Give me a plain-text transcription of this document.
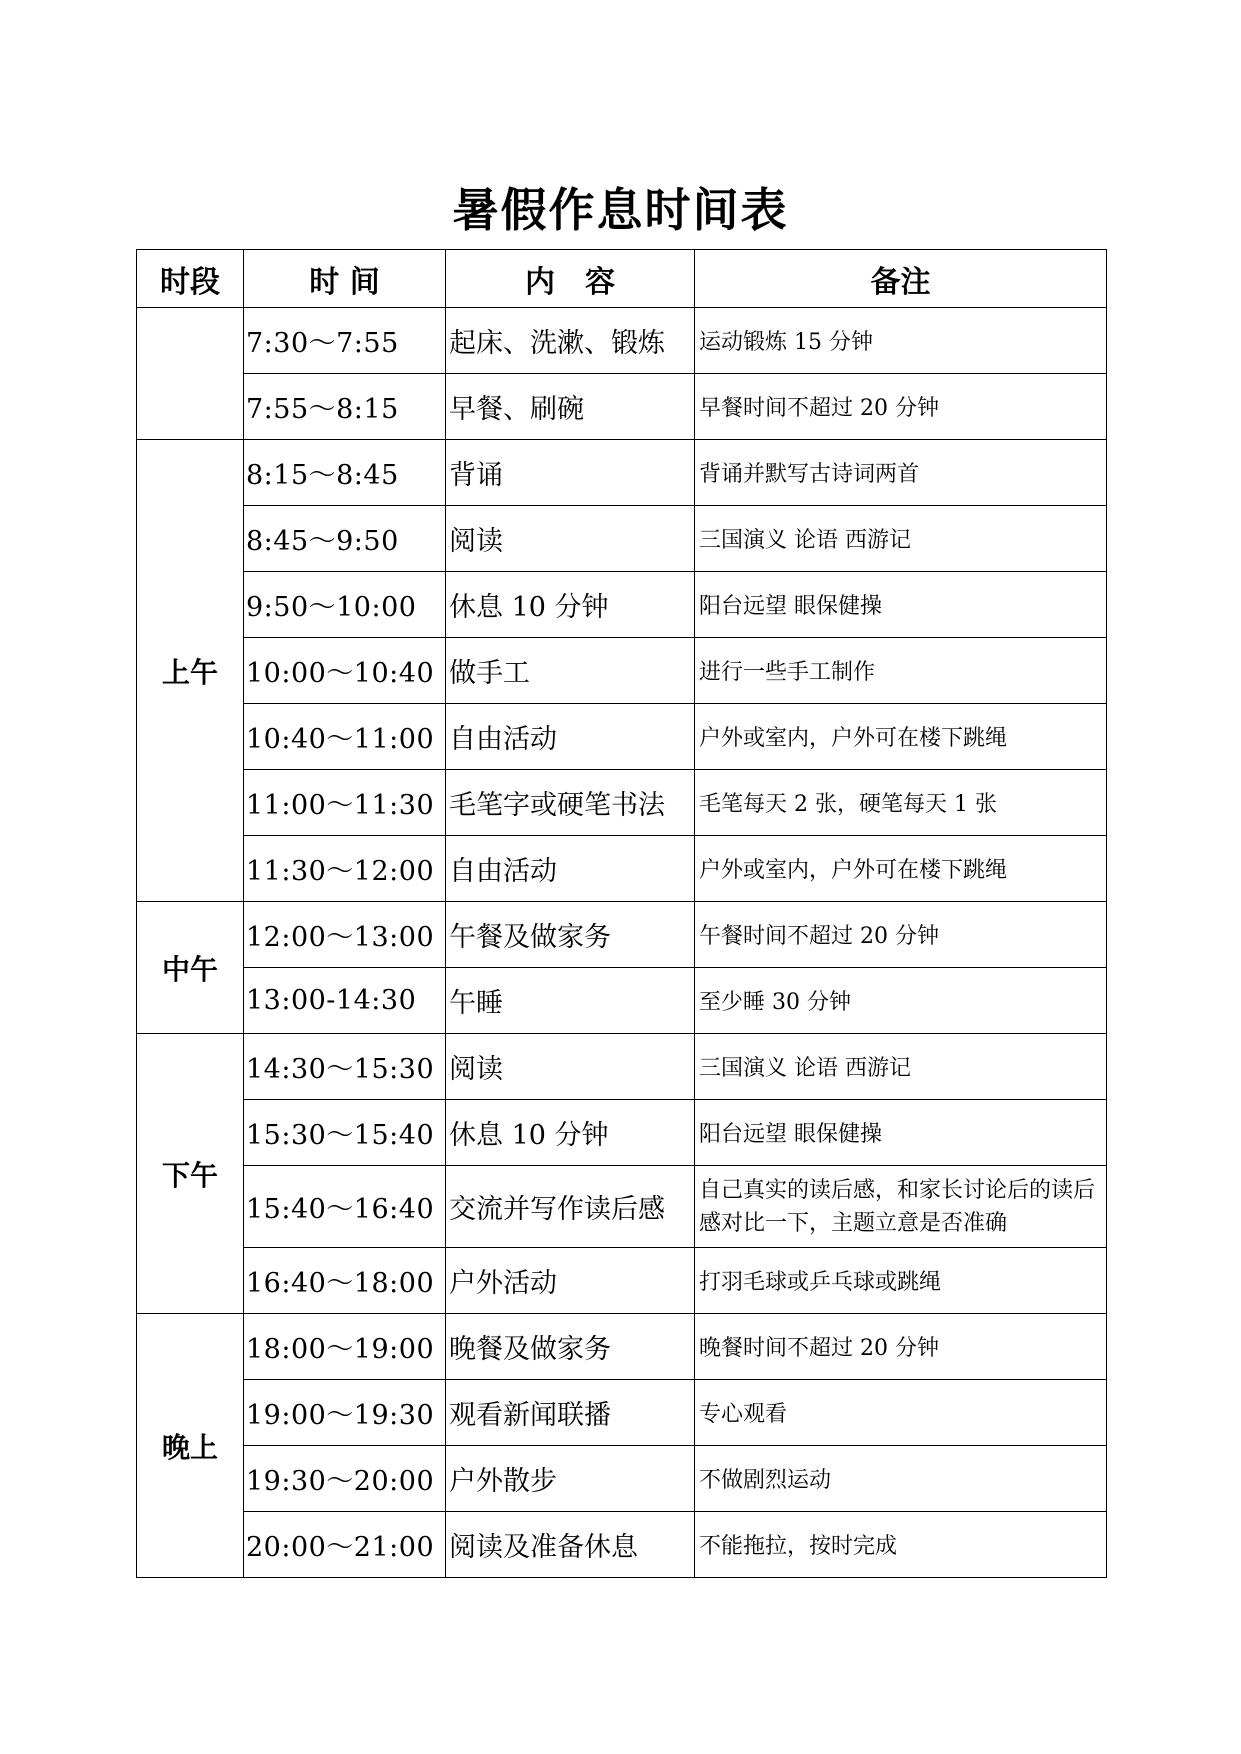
暑假作息时间表
时段	时 间	内　容	备注
	7:30～7:55	起床、洗漱、锻炼	运动锻炼 15 分钟
	7:55～8:15	早餐、刷碗	早餐时间不超过 20 分钟
上午	8:15～8:45	背诵	背诵并默写古诗词两首
	8:45～9:50	阅读	三国演义 论语 西游记
	9:50～10:00	休息 10 分钟	阳台远望 眼保健操
	10:00～10:40	做手工	进行一些手工制作
	10:40～11:00	自由活动	户外或室内，户外可在楼下跳绳
	11:00～11:30	毛笔字或硬笔书法	毛笔每天 2 张，硬笔每天 1 张
	11:30～12:00	自由活动	户外或室内，户外可在楼下跳绳
中午	12:00～13:00	午餐及做家务	午餐时间不超过 20 分钟
	13:00-14:30	午睡	至少睡 30 分钟
下午	14:30～15:30	阅读	三国演义 论语 西游记
	15:30～15:40	休息 10 分钟	阳台远望 眼保健操
	15:40～16:40	交流并写作读后感	自己真实的读后感，和家长讨论后的读后感对比一下，主题立意是否准确
	16:40～18:00	户外活动	打羽毛球或乒乓球或跳绳
晚上	18:00～19:00	晚餐及做家务	晚餐时间不超过 20 分钟
	19:00～19:30	观看新闻联播	专心观看
	19:30～20:00	户外散步	不做剧烈运动
	20:00～21:00	阅读及准备休息	不能拖拉，按时完成
